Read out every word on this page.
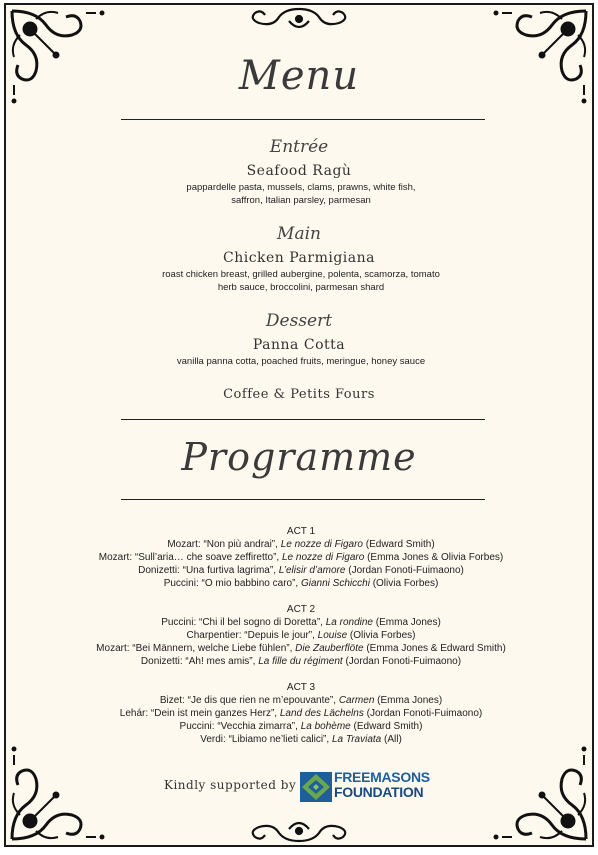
Menu
Entrée
Seafood Ragù
pappardelle pasta, mussels, clams, prawns, white fish, saffron, Italian parsley, parmesan
Main
Chicken Parmigiana
roast chicken breast, grilled aubergine, polenta, scamorza, tomato herb sauce, broccolini, parmesan shard
Dessert
Panna Cotta
vanilla panna cotta, poached fruits, meringue, honey sauce
Coffee & Petits Fours
Programme
ACT 1
Mozart: “Non più andrai”, Le nozze di Figaro (Edward Smith)
Mozart: “Sull’aria… che soave zeffiretto”, Le nozze di Figaro (Emma Jones & Olivia Forbes)
Donizetti: “Una furtiva lagrima”, L’elisir d’amore (Jordan Fonoti-Fuimaono)
Puccini: “O mio babbino caro”, Gianni Schicchi (Olivia Forbes)
ACT 2
Puccini: “Chi il bel sogno di Doretta”, La rondine (Emma Jones)
Charpentier: “Depuis le jour”, Louise (Olivia Forbes)
Mozart: “Bei Männern, welche Liebe fühlen”, Die Zauberflöte (Emma Jones & Edward Smith)
Donizetti: “Ah! mes amis”, La fille du régiment (Jordan Fonoti-Fuimaono)
ACT 3
Bizet: “Je dis que rien ne m’epouvante”, Carmen (Emma Jones)
Lehár: “Dein ist mein ganzes Herz”, Land des Lächelns (Jordan Fonoti-Fuimaono)
Puccini: “Vecchia zimarra”, La bohème (Edward Smith)
Verdi: “Libiamo ne’lieti calici”, La Traviata (All)
Kindly supported by	FREEMASONS
FOUNDATION
